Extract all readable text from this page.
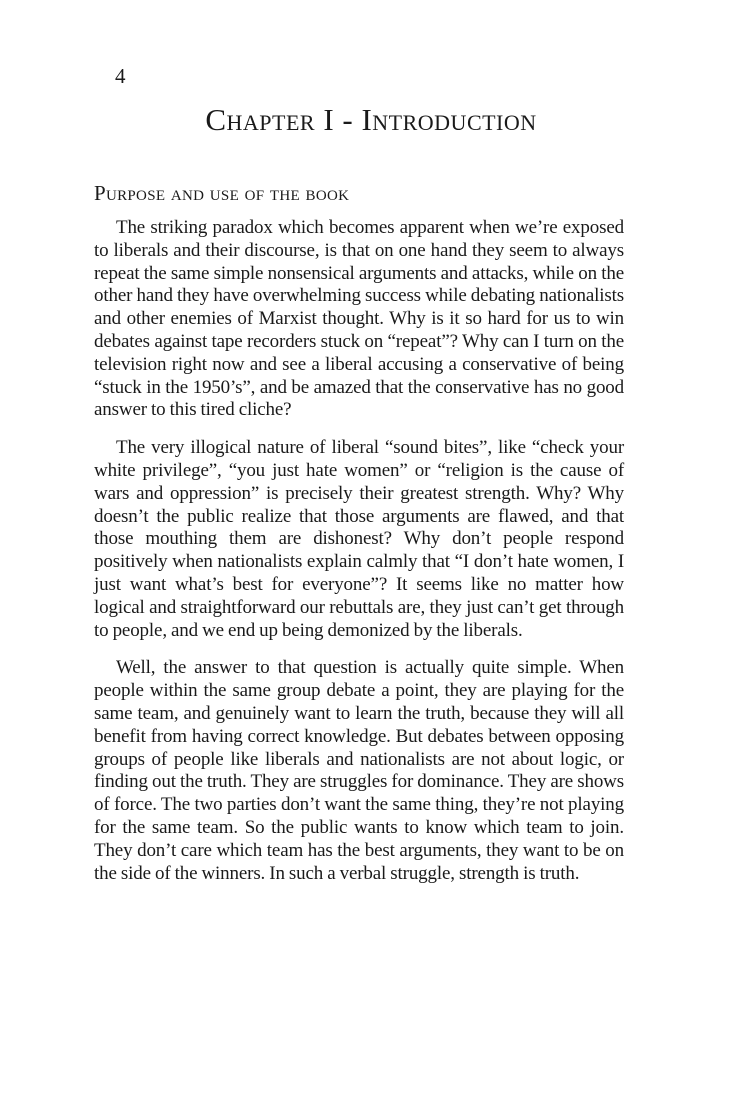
4
Chapter I - Introduction
Purpose and use of the book

The striking paradox which becomes apparent when we’re exposed to liberals and their discourse, is that on one hand they seem to always repeat the same simple nonsensical arguments and attacks, while on the other hand they have overwhelming success while debating nationalists and other enemies of Marxist thought. Why is it so hard for us to win debates against tape recorders stuck on “repeat”? Why can I turn on the television right now and see a liberal accusing a conservative of being “stuck in the 1950’s”, and be amazed that the conservative has no good answer to this tired cliche?

The very illogical nature of liberal “sound bites”, like “check your white privilege”, “you just hate women” or “religion is the cause of wars and oppression” is precisely their greatest strength. Why? Why doesn’t the public realize that those arguments are flawed, and that those mouthing them are dishonest? Why don’t people respond positively when nationalists explain calmly that “I don’t hate women, I just want what’s best for everyone”? It seems like no matter how logical and straightforward our rebuttals are, they just can’t get through to people, and we end up being demonized by the liberals.

Well, the answer to that question is actually quite simple. When people within the same group debate a point, they are playing for the same team, and genuinely want to learn the truth, because they will all benefit from having correct knowledge. But debates between opposing groups of people like liberals and nationalists are not about logic, or finding out the truth. They are struggles for dominance. They are shows of force. The two parties don’t want the same thing, they’re not playing for the same team. So the public wants to know which team to join. They don’t care which team has the best arguments, they want to be on the side of the winners. In such a verbal struggle, strength is truth.
